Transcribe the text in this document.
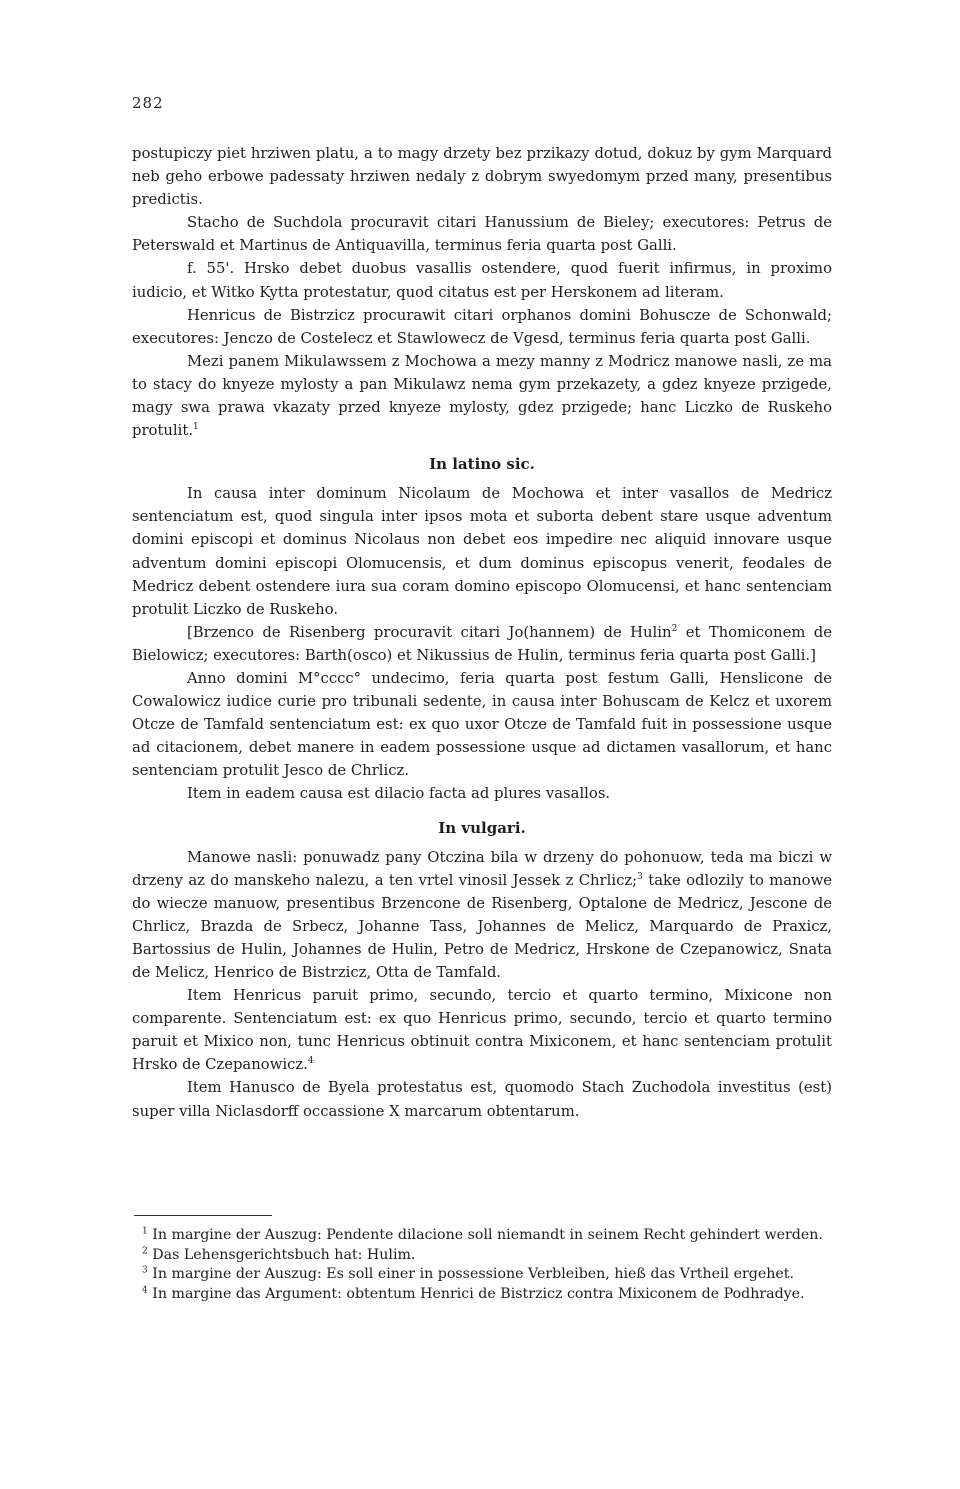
282

postupiczy piet hrziwen platu, a to magy drzety bez przikazy dotud, dokuz by gym Marquard neb geho erbowe padessaty hrziwen nedaly z dobrym swyedomym przed many, presentibus predictis.

Stacho de Suchdola procuravit citari Hanussium de Bieley; executores: Petrus de Peterswald et Martinus de Antiquavilla, terminus feria quarta post Galli.

f. 55'. Hrsko debet duobus vasallis ostendere, quod fuerit infirmus, in proximo iudicio, et Witko Kytta protestatur, quod citatus est per Herskonem ad literam.

Henricus de Bistrzicz procurawit citari orphanos domini Bohuscze de Schonwald; executores: Jenczo de Costelecz et Stawlowecz de Vgesd, terminus feria quarta post Galli.

Mezi panem Mikulawssem z Mochowa a mezy manny z Modricz manowe nasli, ze ma to stacy do knyeze mylosty a pan Mikulawz nema gym przekazety, a gdez knyeze przigede, magy swa prawa vkazaty przed knyeze mylosty, gdez przigede; hanc Liczko de Ruskeho protulit.$^1$

In latino sic.

In causa inter dominum Nicolaum de Mochowa et inter vasallos de Medricz sentenciatum est, quod singula inter ipsos mota et suborta debent stare usque adventum domini episcopi et dominus Nicolaus non debet eos impedire nec aliquid innovare usque adventum domini episcopi Olomucensis, et dum dominus episcopus venerit, feodales de Medricz debent ostendere iura sua coram domino episcopo Olomucensi, et hanc sentenciam protulit Liczko de Ruskeho.

[Brzenco de Risenberg procuravit citari Jo(hannem) de Hulin$^2$ et Thomiconem de Bielowicz; executores: Barth(osco) et Nikussius de Hulin, terminus feria quarta post Galli.]

Anno domini M°cccc° undecimo, feria quarta post festum Galli, Henslicone de Cowalowicz iudice curie pro tribunali sedente, in causa inter Bohuscam de Kelcz et uxorem Otcze de Tamfald sentenciatum est: ex quo uxor Otcze de Tamfald fuit in possessione usque ad citacionem, debet manere in eadem possessione usque ad dictamen vasallorum, et hanc sentenciam protulit Jesco de Chrlicz.

Item in eadem causa est dilacio facta ad plures vasallos.

In vulgari.

Manowe nasli: ponuwadz pany Otczina bila w drzeny do pohonuow, teda ma biczi w drzeny az do manskeho nalezu, a ten vrtel vinosil Jessek z Chrlicz;$^3$ take odlozily to manowe do wiecze manuow, presentibus Brzencone de Risenberg, Optalone de Medricz, Jescone de Chrlicz, Brazda de Srbecz, Johanne Tass, Johannes de Melicz, Marquardo de Praxicz, Bartossius de Hulin, Johannes de Hulin, Petro de Medricz, Hrskone de Czepanowicz, Snata de Melicz, Henrico de Bistrzicz, Otta de Tamfald.

Item Henricus paruit primo, secundo, tercio et quarto termino, Mixicone non comparente. Sentenciatum est: ex quo Henricus primo, secundo, tercio et quarto termino paruit et Mixico non, tunc Henricus obtinuit contra Mixiconem, et hanc sentenciam protulit Hrsko de Czepanowicz.$^4$

Item Hanusco de Byela protestatus est, quomodo Stach Zuchodola investitus (est) super villa Niclasdorff occassione X marcarum obtentarum.

$^1$ In margine der Auszug: Pendente dilacione soll niemandt in seinem Recht gehindert werden.

$^2$ Das Lehensgerichtsbuch hat: Hulim.

$^3$ In margine der Auszug: Es soll einer in possessione Verbleiben, hieß das Vrtheil ergehet.

$^4$ In margine das Argument: obtentum Henrici de Bistrzicz contra Mixiconem de Podhradye.
